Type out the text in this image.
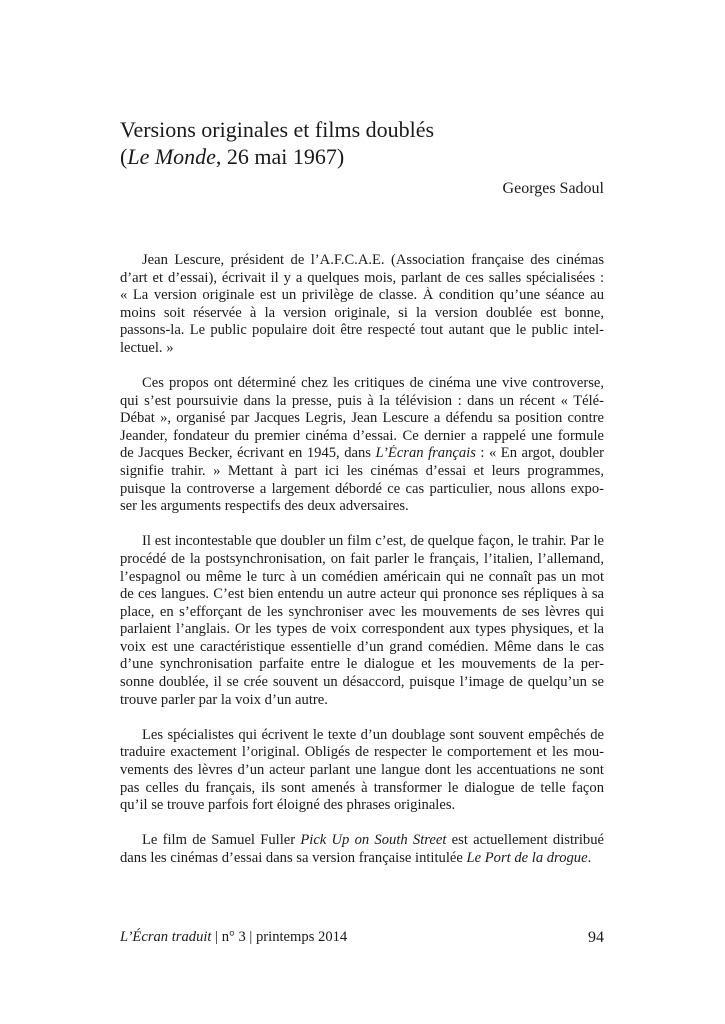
Versions originales et films doublés
(Le Monde, 26 mai 1967)
Georges Sadoul
Jean Lescure, président de l’A.F.C.A.E. (Association française des cinémas
d’art et d’essai), écrivait il y a quelques mois, parlant de ces salles spécialisées :
« La version originale est un privilège de classe. À condition qu’une séance au
moins soit réservée à la version originale, si la version doublée est bonne,
passons-la. Le public populaire doit être respecté tout autant que le public intel-
lectuel. »
Ces propos ont déterminé chez les critiques de cinéma une vive controverse,
qui s’est poursuivie dans la presse, puis à la télévision : dans un récent « Télé-
Débat », organisé par Jacques Legris, Jean Lescure a défendu sa position contre
Jeander, fondateur du premier cinéma d’essai. Ce dernier a rappelé une formule
de Jacques Becker, écrivant en 1945, dans L’Écran français : « En argot, doubler
signifie trahir. » Mettant à part ici les cinémas d’essai et leurs programmes,
puisque la controverse a largement débordé ce cas particulier, nous allons expo-
ser les arguments respectifs des deux adversaires.
Il est incontestable que doubler un film c’est, de quelque façon, le trahir. Par le
procédé de la postsynchronisation, on fait parler le français, l’italien, l’allemand,
l’espagnol ou même le turc à un comédien américain qui ne connaît pas un mot
de ces langues. C’est bien entendu un autre acteur qui prononce ses répliques à sa
place, en s’efforçant de les synchroniser avec les mouvements de ses lèvres qui
parlaient l’anglais. Or les types de voix correspondent aux types physiques, et la
voix est une caractéristique essentielle d’un grand comédien. Même dans le cas
d’une synchronisation parfaite entre le dialogue et les mouvements de la per-
sonne doublée, il se crée souvent un désaccord, puisque l’image de quelqu’un se
trouve parler par la voix d’un autre.
Les spécialistes qui écrivent le texte d’un doublage sont souvent empêchés de
traduire exactement l’original. Obligés de respecter le comportement et les mou-
vements des lèvres d’un acteur parlant une langue dont les accentuations ne sont
pas celles du français, ils sont amenés à transformer le dialogue de telle façon
qu’il se trouve parfois fort éloigné des phrases originales.
Le film de Samuel Fuller Pick Up on South Street est actuellement distribué
dans les cinémas d’essai dans sa version française intitulée Le Port de la drogue.
L’Écran traduit | n° 3 | printemps 2014	94
